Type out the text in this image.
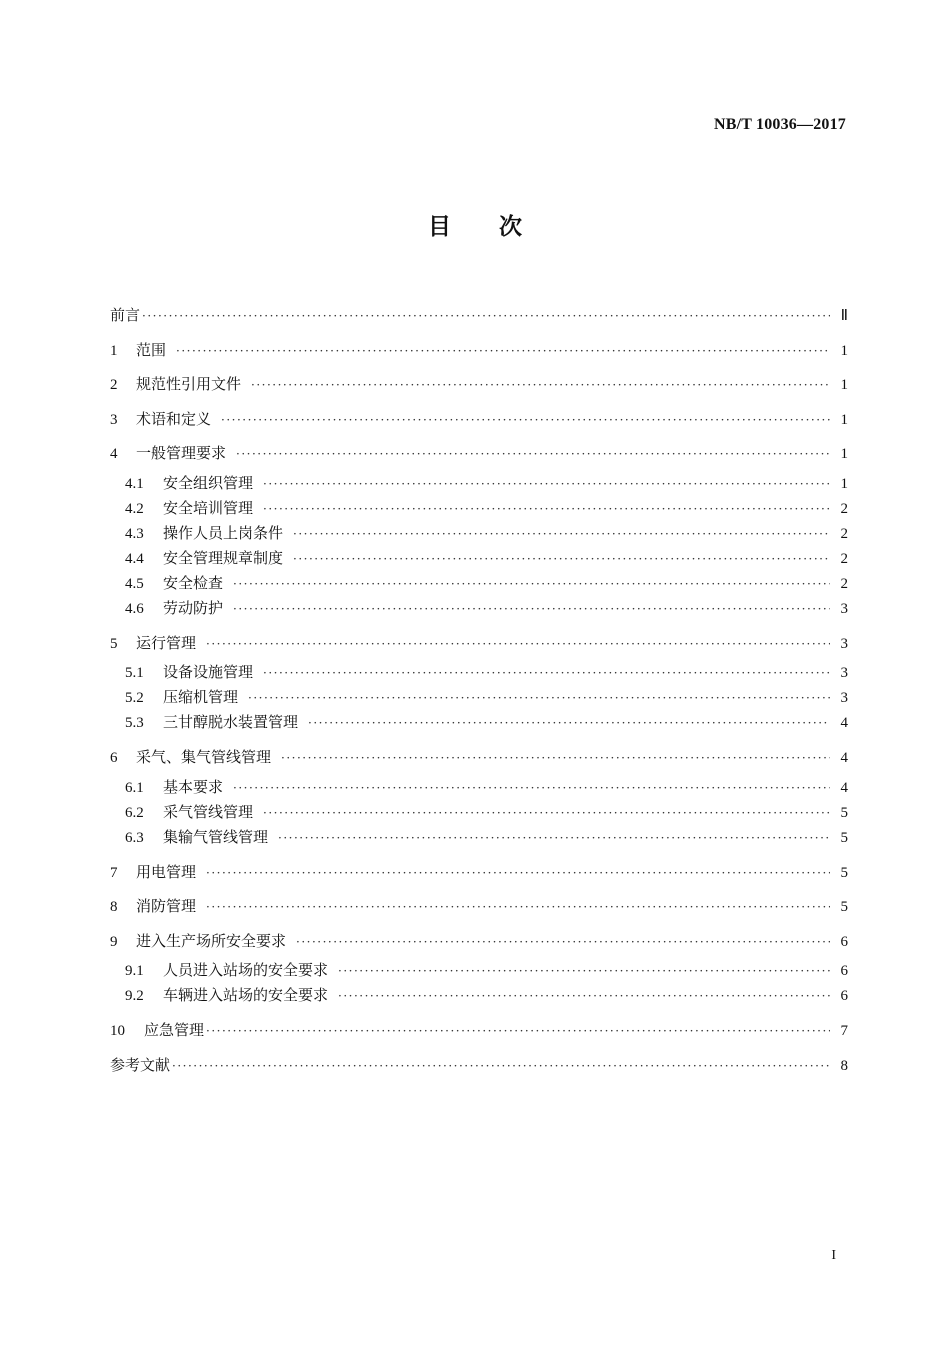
NB/T 10036—2017
目 次
前言 ·····	Ⅱ
1	范围 ·····	1
2	规范性引用文件 ·····	1
3	术语和定义 ·····	1
4	一般管理要求 ·····	1
4.1	安全组织管理 ·····	1
4.2	安全培训管理 ·····	2
4.3	操作人员上岗条件 ·····	2
4.4	安全管理规章制度 ·····	2
4.5	安全检查 ·····	2
4.6	劳动防护 ·····	3
5	运行管理 ·····	3
5.1	设备设施管理 ·····	3
5.2	压缩机管理 ·····	3
5.3	三甘醇脱水装置管理 ·····	4
6	采气、集气管线管理 ·····	4
6.1	基本要求 ·····	4
6.2	采气管线管理 ·····	5
6.3	集输气管线管理 ·····	5
7	用电管理 ·····	5
8	消防管理 ·····	5
9	进入生产场所安全要求 ·····	6
9.1	人员进入站场的安全要求 ·····	6
9.2	车辆进入站场的安全要求 ·····	6
10	应急管理 ·····	7
参考文献 ·····	8
I
